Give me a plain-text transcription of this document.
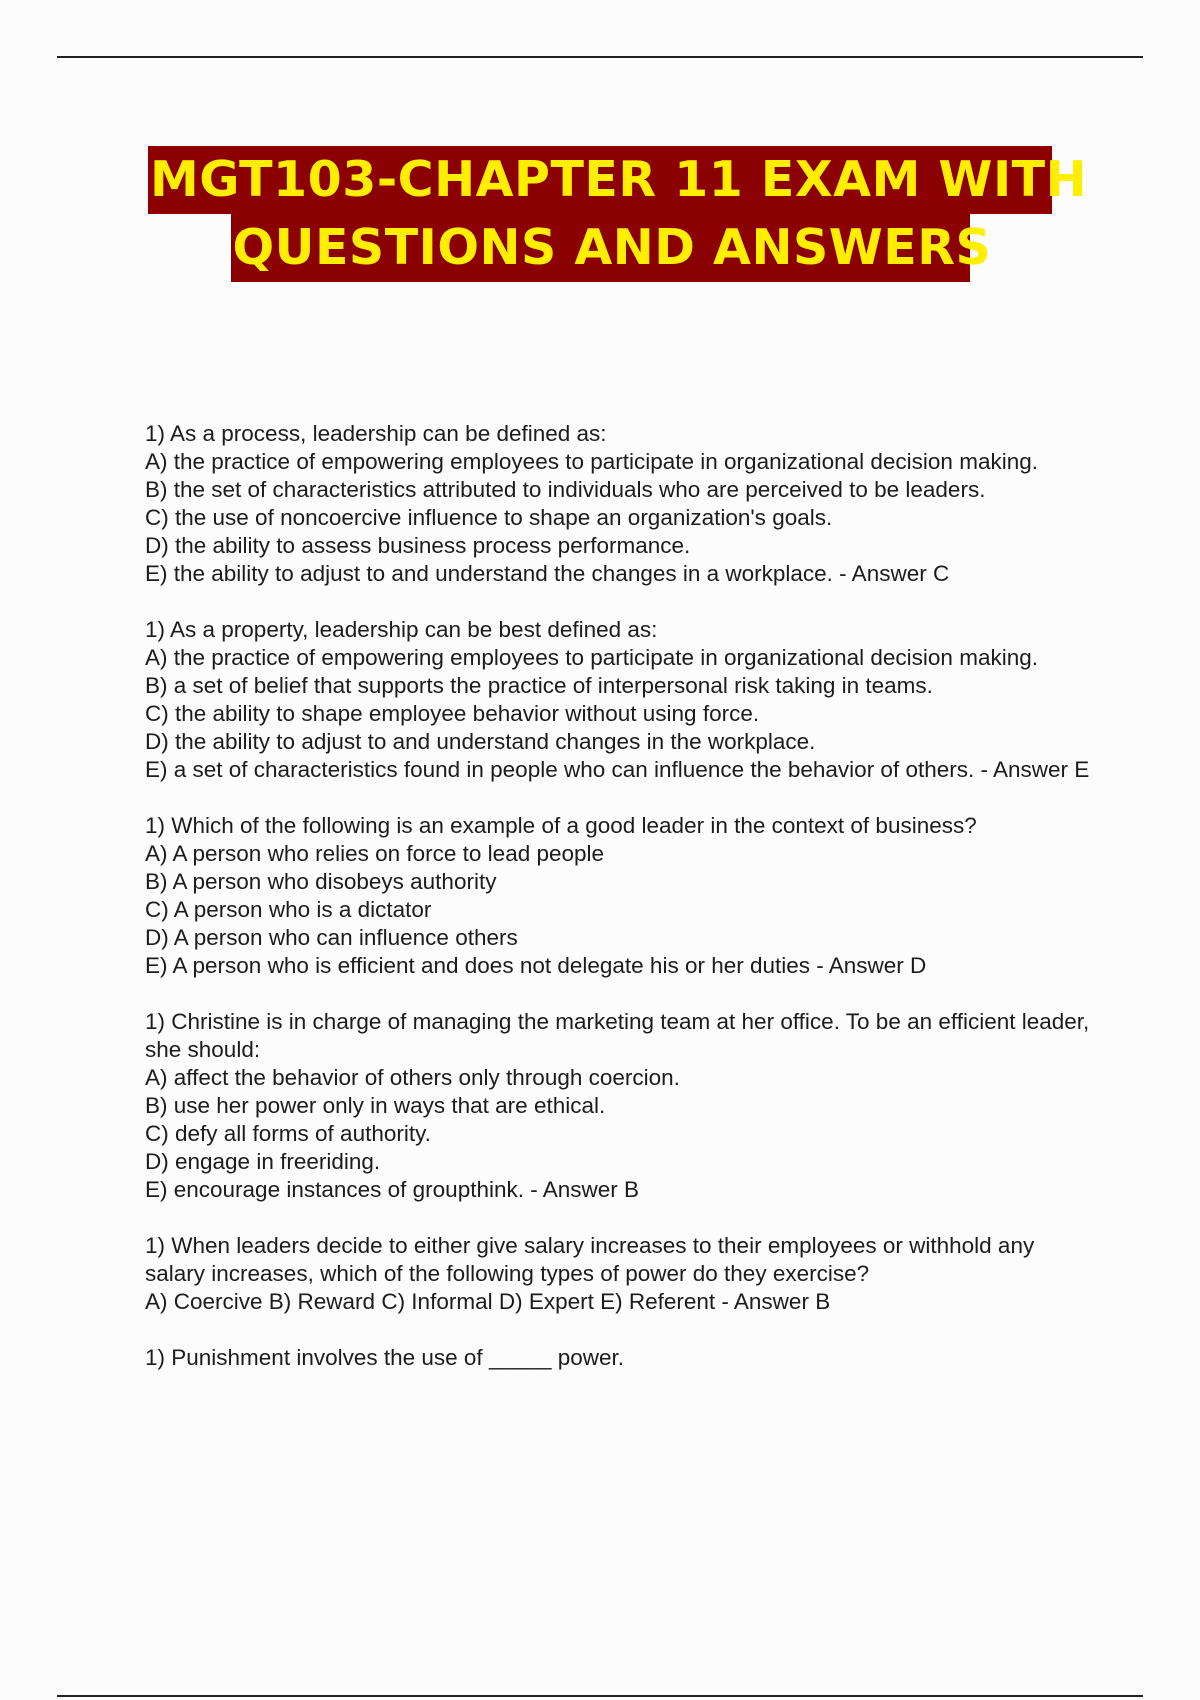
MGT103-CHAPTER 11 EXAM WITH
QUESTIONS AND ANSWERS
1) As a process, leadership can be defined as:
A) the practice of empowering employees to participate in organizational decision making.
B) the set of characteristics attributed to individuals who are perceived to be leaders.
C) the use of noncoercive influence to shape an organization's goals.
D) the ability to assess business process performance.
E) the ability to adjust to and understand the changes in a workplace. - Answer C
1) As a property, leadership can be best defined as:
A) the practice of empowering employees to participate in organizational decision making.
B) a set of belief that supports the practice of interpersonal risk taking in teams.
C) the ability to shape employee behavior without using force.
D) the ability to adjust to and understand changes in the workplace.
E) a set of characteristics found in people who can influence the behavior of others. - Answer E
1) Which of the following is an example of a good leader in the context of business?
A) A person who relies on force to lead people
B) A person who disobeys authority
C) A person who is a dictator
D) A person who can influence others
E) A person who is efficient and does not delegate his or her duties - Answer D
1) Christine is in charge of managing the marketing team at her office. To be an efficient leader, she should:
A) affect the behavior of others only through coercion.
B) use her power only in ways that are ethical.
C) defy all forms of authority.
D) engage in freeriding.
E) encourage instances of groupthink. - Answer B
1) When leaders decide to either give salary increases to their employees or withhold any salary increases, which of the following types of power do they exercise?
A) Coercive B) Reward C) Informal D) Expert E) Referent - Answer B
1) Punishment involves the use of _____ power.
